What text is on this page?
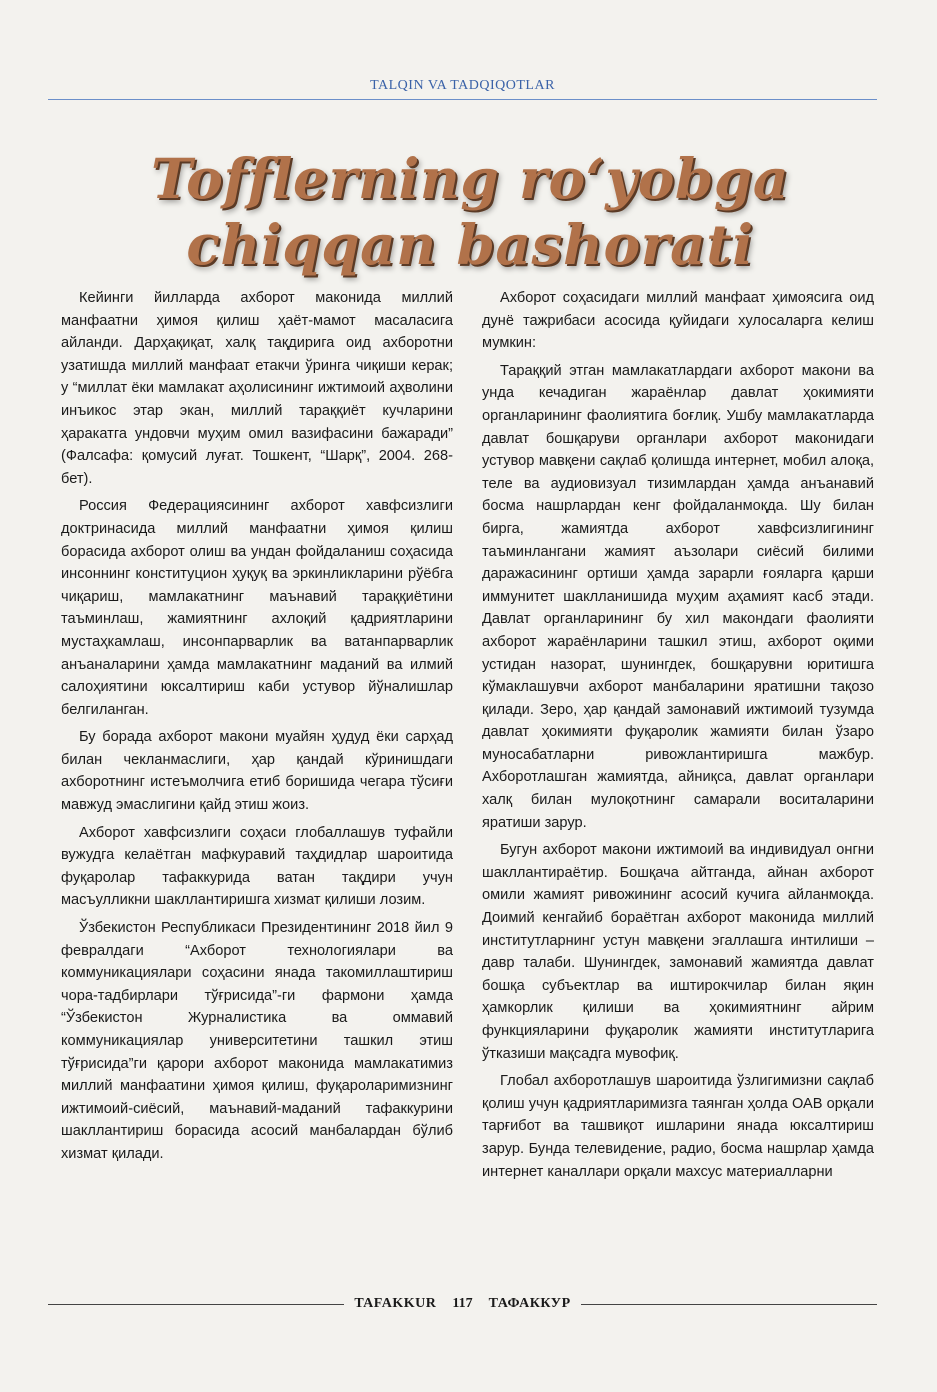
TALQIN VA TADQIQOTLAR
Tofflerning ro‘yobga
chiqqan bashorati

Кейинги йилларда ахборот маконида миллий манфаатни ҳимоя қилиш ҳаёт-мамот масаласига айланди. Дарҳақиқат, халқ тақдирига оид ахборотни узатишда миллий манфаат етакчи ўринга чиқиши керак; у “миллат ёки мамлакат аҳолисининг ижтимоий аҳволини инъикос этар экан, миллий тараққиёт кучларини ҳаракатга ундовчи муҳим омил вазифасини бажаради” (Фалсафа: қомусий луғат. Тошкент, “Шарқ”, 2004. 268-бет).

Россия Федерациясининг ахборот хавфсизлиги доктринасида миллий манфаатни ҳимоя қилиш борасида ахборот олиш ва ундан фойдаланиш соҳасида инсоннинг конституцион ҳуқуқ ва эркинликларини рўёбга чиқариш, мамлакатнинг маънавий тараққиётини таъминлаш, жамиятнинг ахлоқий қадриятларини мустаҳкамлаш, инсонпарварлик ва ватанпарварлик анъаналарини ҳамда мамлакатнинг маданий ва илмий салоҳиятини юксалтириш каби устувор йўналишлар белгиланган.

Бу борада ахборот макони муайян ҳудуд ёки сарҳад билан чекланмаслиги, ҳар қандай кўринишдаги ахборотнинг истеъмолчига етиб боришида чегара тўсиғи мавжуд эмаслигини қайд этиш жоиз.

Ахборот хавфсизлиги соҳаси глобаллашув туфайли вужудга келаётган мафкуравий таҳдидлар шароитида фуқаролар тафаккурида ватан тақдири учун масъулликни шакллантиришга хизмат қилиши лозим.

Ўзбекистон Республикаси Президентининг 2018 йил 9 февралдаги “Ахборот технологиялари ва коммуникациялари соҳасини янада такомиллаштириш чора-тадбирлари тўғрисида”-ги фармони ҳамда “Ўзбекистон Журналистика ва оммавий коммуникациялар университетини ташкил этиш тўғрисида”ги қарори ахборот маконида мамлакатимиз миллий манфаатини ҳимоя қилиш, фуқароларимизнинг ижтимоий-сиёсий, маънавий-маданий тафаккурини шакллантириш борасида асосий манбалардан бўлиб хизмат қилади.

Ахборот соҳасидаги миллий манфаат ҳимоясига оид дунё тажрибаси асосида қуйидаги хулосаларга келиш мумкин:

Тараққий этган мамлакатлардаги ахборот макони ва унда кечадиган жараёнлар давлат ҳокимияти органларининг фаолиятига боғлиқ. Ушбу мамлакатларда давлат бошқаруви органлари ахборот маконидаги устувор мавқени сақлаб қолишда интернет, мобил алоқа, теле ва аудиовизуал тизимлардан ҳамда анъанавий босма нашрлардан кенг фойдаланмоқда. Шу билан бирга, жамиятда ахборот хавфсизлигининг таъминлангани жамият аъзолари сиёсий билими даражасининг ортиши ҳамда зарарли ғояларга қарши иммунитет шаклланишида муҳим аҳамият касб этади. Давлат органларининг бу хил макондаги фаолияти ахборот жараёнларини ташкил этиш, ахборот оқими устидан назорат, шунингдек, бошқарувни юритишга кўмаклашувчи ахборот манбаларини яратишни тақозо қилади. Зеро, ҳар қандай замонавий ижтимоий тузумда давлат ҳокимияти фуқаролик жамияти билан ўзаро муносабатларни ривожлантиришга мажбур. Ахборотлашган жамиятда, айниқса, давлат органлари халқ билан мулоқотнинг самарали воситаларини яратиши зарур.

Бугун ахборот макони ижтимоий ва индивидуал онгни шакллантираётир. Бошқача айтганда, айнан ахборот омили жамият ривожининг асосий кучига айланмоқда. Доимий кенгайиб бораётган ахборот маконида миллий институтларнинг устун мавқени эгаллашга интилиши – давр талаби. Шунингдек, замонавий жамиятда давлат бошқа субъектлар ва иштирокчилар билан яқин ҳамкорлик қилиши ва ҳокимиятнинг айрим функцияларини фуқаролик жамияти институтларига ўтказиши мақсадга мувофиқ.

Глобал ахборотлашув шароитида ўзлигимизни сақлаб қолиш учун қадриятларимизга таянган ҳолда ОАВ орқали тарғибот ва ташвиқот ишларини янада юксалтириш зарур. Бунда телевидение, радио, босма нашрлар ҳамда интернет каналлари орқали махсус материалларни

TAFAKKUR	117	ТАФАККУР
